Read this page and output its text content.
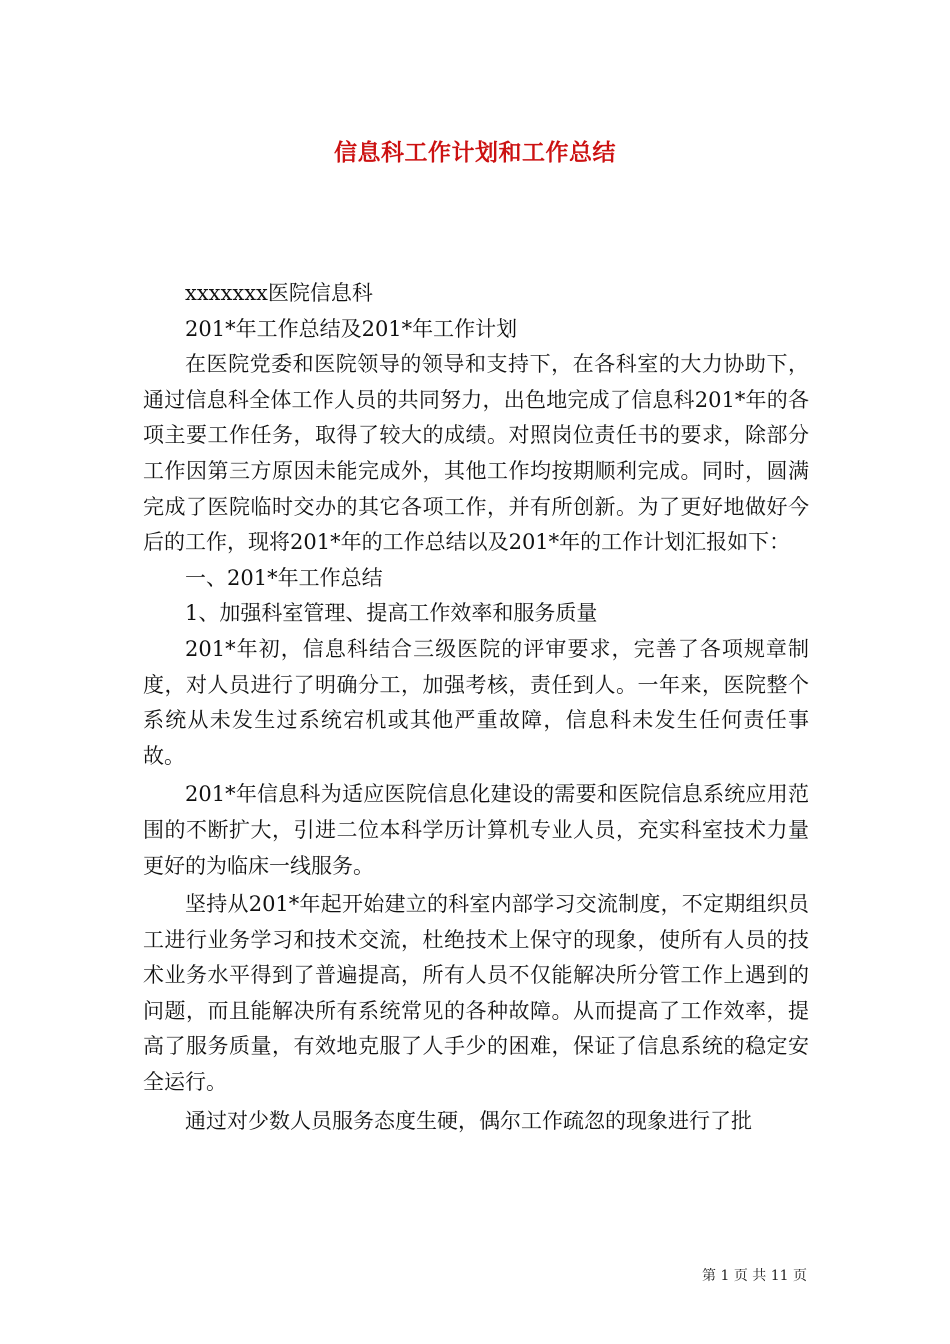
信息科工作计划和工作总结

xxxxxxx医院信息科

201*年工作总结及201*年工作计划

在医院党委和医院领导的领导和支持下，在各科室的大力协助下，通过信息科全体工作人员的共同努力，出色地完成了信息科201*年的各项主要工作任务，取得了较大的成绩。对照岗位责任书的要求，除部分工作因第三方原因未能完成外，其他工作均按期顺利完成。同时，圆满完成了医院临时交办的其它各项工作，并有所创新。为了更好地做好今后的工作，现将201*年的工作总结以及201*年的工作计划汇报如下：

一、201*年工作总结

1、加强科室管理、提高工作效率和服务质量

201*年初，信息科结合三级医院的评审要求，完善了各项规章制度，对人员进行了明确分工，加强考核，责任到人。一年来，医院整个系统从未发生过系统宕机或其他严重故障，信息科未发生任何责任事故。

201*年信息科为适应医院信息化建设的需要和医院信息系统应用范围的不断扩大，引进二位本科学历计算机专业人员，充实科室技术力量更好的为临床一线服务。

坚持从201*年起开始建立的科室内部学习交流制度，不定期组织员工进行业务学习和技术交流，杜绝技术上保守的现象，使所有人员的技术业务水平得到了普遍提高，所有人员不仅能解决所分管工作上遇到的问题，而且能解决所有系统常见的各种故障。从而提高了工作效率，提高了服务质量，有效地克服了人手少的困难，保证了信息系统的稳定安全运行。

通过对少数人员服务态度生硬，偶尔工作疏忽的现象进行了批

第 1 页 共 11 页
